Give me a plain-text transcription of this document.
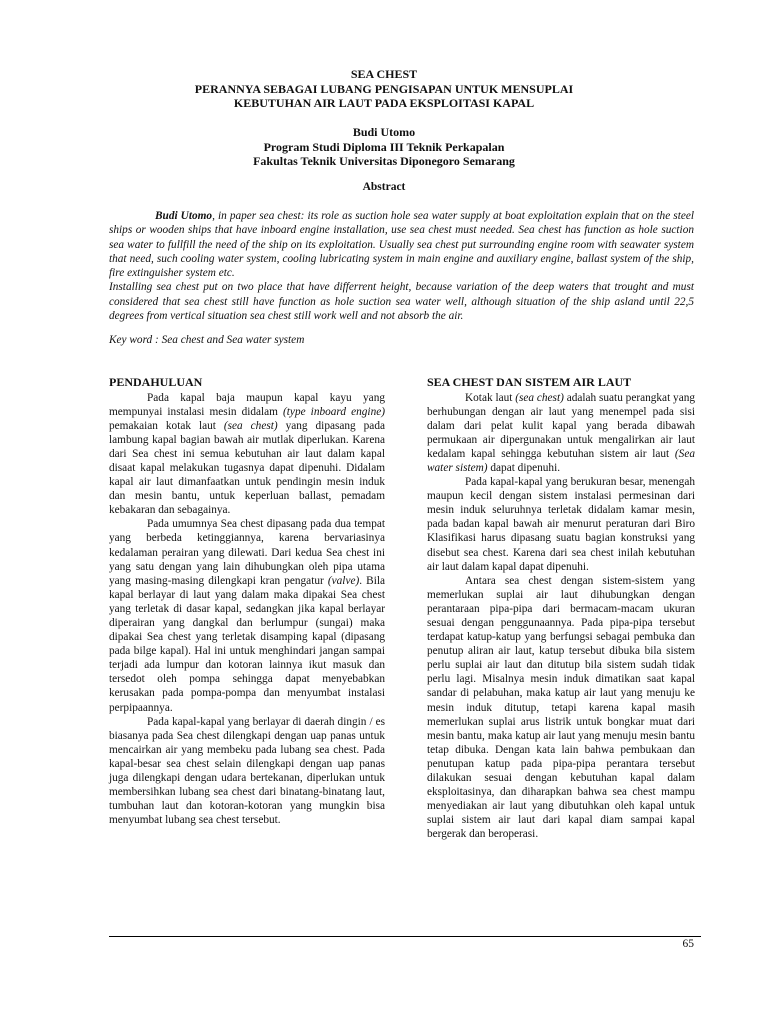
SEA CHEST
PERANNYA SEBAGAI LUBANG PENGISAPAN UNTUK MENSUPLAI
KEBUTUHAN AIR LAUT PADA EKSPLOITASI KAPAL
Budi Utomo
Program Studi Diploma III Teknik Perkapalan
Fakultas Teknik Universitas Diponegoro Semarang
Abstract

Budi Utomo, in paper sea chest: its role as suction hole sea water supply at boat exploitation explain that on the steel ships or wooden ships that have inboard engine installation, use sea chest must needed. Sea chest has function as hole suction sea water to fullfill the need of the ship on its exploitation. Usually sea chest put surrounding engine room with seawater system that need, such cooling water system, cooling lubricating system in main engine and auxiliary engine, ballast system of the ship, fire extinguisher system etc.

Installing sea chest put on two place that have differrent height, because variation of the deep waters that trought and must considered that sea chest still have function as hole suction sea water well, although situation of the ship asland until 22,5 degrees from vertical situation sea chest still work well and not absorb the air.

Key word : Sea chest and Sea water system
PENDAHULUAN

Pada kapal baja maupun kapal kayu yang mempunyai instalasi mesin didalam (type inboard engine) pemakaian kotak laut (sea chest) yang dipasang pada lambung kapal bagian bawah air mutlak diperlukan. Karena dari Sea chest ini semua kebutuhan air laut dalam kapal disaat kapal melakukan tugasnya dapat dipenuhi. Didalam kapal air laut dimanfaatkan untuk pendingin mesin induk dan mesin bantu, untuk keperluan ballast, pemadam kebakaran dan sebagainya.

Pada umumnya Sea chest dipasang pada dua tempat yang berbeda ketinggiannya, karena bervariasinya kedalaman perairan yang dilewati. Dari kedua Sea chest ini yang satu dengan yang lain dihubungkan oleh pipa utama yang masing-masing dilengkapi kran pengatur (valve). Bila kapal berlayar di laut yang dalam maka dipakai Sea chest yang terletak di dasar kapal, sedangkan jika kapal berlayar diperairan yang dangkal dan berlumpur (sungai) maka dipakai Sea chest yang terletak disamping kapal (dipasang pada bilge kapal). Hal ini untuk menghindari jangan sampai terjadi ada lumpur dan kotoran lainnya ikut masuk dan tersedot oleh pompa sehingga dapat menyebabkan kerusakan pada pompa-pompa dan menyumbat instalasi perpipaannya.

Pada kapal-kapal yang berlayar di daerah dingin / es biasanya pada Sea chest dilengkapi dengan uap panas untuk mencairkan air yang membeku pada lubang sea chest. Pada kapal-besar sea chest selain dilengkapi dengan uap panas juga dilengkapi dengan udara bertekanan, diperlukan untuk membersihkan lubang sea chest dari binatang-binatang laut, tumbuhan laut dan kotoran-kotoran yang mungkin bisa menyumbat lubang sea chest tersebut.

SEA CHEST DAN SISTEM AIR LAUT

Kotak laut (sea chest) adalah suatu perangkat yang berhubungan dengan air laut yang menempel pada sisi dalam dari pelat kulit kapal yang berada dibawah permukaan air dipergunakan untuk mengalirkan air laut kedalam kapal sehingga kebutuhan sistem air laut (Sea water sistem) dapat dipenuhi.

Pada kapal-kapal yang berukuran besar, menengah maupun kecil dengan sistem instalasi permesinan dari mesin induk seluruhnya terletak didalam kamar mesin, pada badan kapal bawah air menurut peraturan dari Biro Klasifikasi harus dipasang suatu bagian konstruksi yang disebut sea chest. Karena dari sea chest inilah kebutuhan air laut dalam kapal dapat dipenuhi.

Antara sea chest dengan sistem-sistem yang memerlukan suplai air laut dihubungkan dengan perantaraan pipa-pipa dari bermacam-macam ukuran sesuai dengan penggunaannya. Pada pipa-pipa tersebut terdapat katup-katup yang berfungsi sebagai pembuka dan penutup aliran air laut, katup tersebut dibuka bila sistem perlu suplai air laut dan ditutup bila sistem sudah tidak perlu lagi. Misalnya mesin induk dimatikan saat kapal sandar di pelabuhan, maka katup air laut yang menuju ke mesin induk ditutup, tetapi karena kapal masih memerlukan suplai arus listrik untuk bongkar muat dari mesin bantu, maka katup air laut yang menuju mesin bantu tetap dibuka. Dengan kata lain bahwa pembukaan dan penutupan katup pada pipa-pipa perantara tersebut dilakukan sesuai dengan kebutuhan kapal dalam eksploitasinya, dan diharapkan bahwa sea chest mampu menyediakan air laut yang dibutuhkan oleh kapal untuk suplai sistem air laut dari kapal diam sampai kapal bergerak dan beroperasi.

65
